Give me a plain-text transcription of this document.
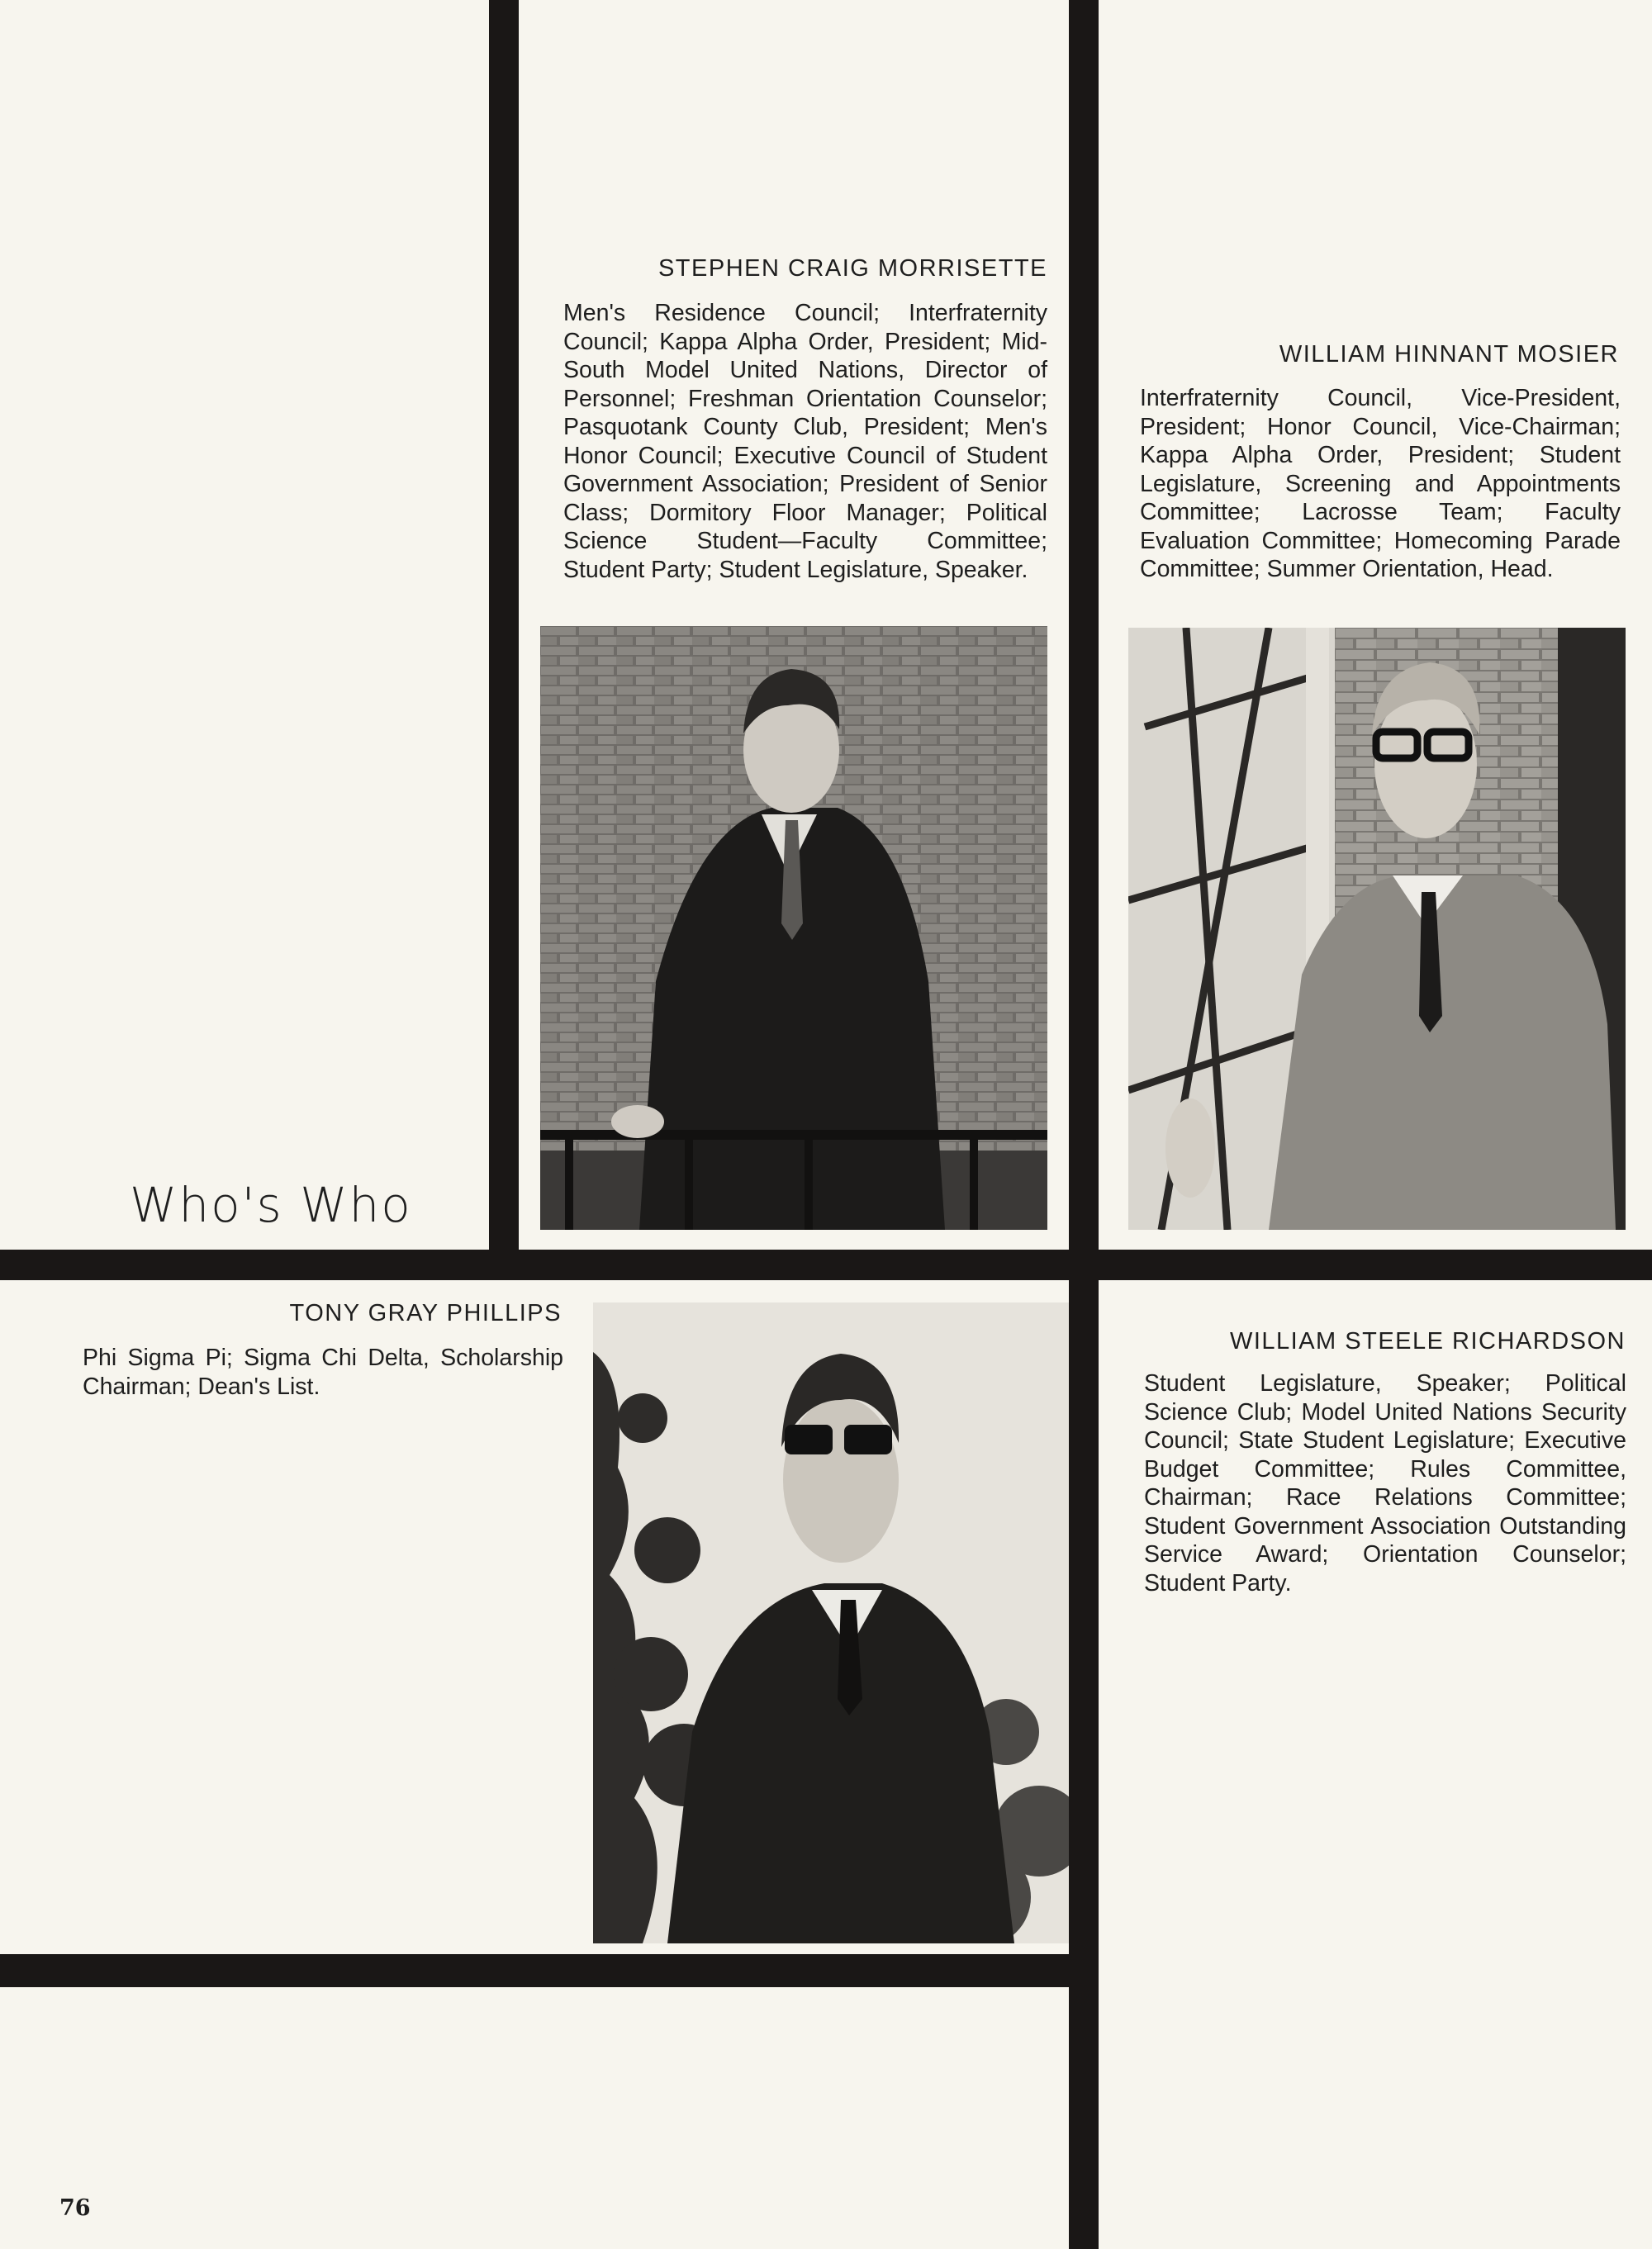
STEPHEN CRAIG MORRISETTE
Men's Residence Council; Interfraternity Council; Kappa Alpha Order, President; Mid-South Model United Nations, Director of Personnel; Freshman Orientation Counselor; Pasquotank County Club, President; Men's Honor Council; Executive Council of Student Government Association; President of Senior Class; Dormitory Floor Manager; Political Science Student—Faculty Committee; Student Party; Student Legislature, Speaker.
WILLIAM HINNANT MOSIER
Interfraternity Council, Vice-President, President; Honor Council, Vice-Chairman; Kappa Alpha Order, President; Student Legislature, Screening and Appointments Committee; Lacrosse Team; Faculty Evaluation Committee; Homecoming Parade Committee; Summer Orientation, Head.
Who's Who
TONY GRAY PHILLIPS
Phi Sigma Pi; Sigma Chi Delta, Scholarship Chairman; Dean's List.
WILLIAM STEELE RICHARDSON
Student Legislature, Speaker; Political Science Club; Model United Nations Security Council; State Student Legislature; Executive Budget Committee; Rules Committee, Chairman; Race Relations Committee; Student Government Association Outstanding Service Award; Orientation Counselor; Student Party.
76
